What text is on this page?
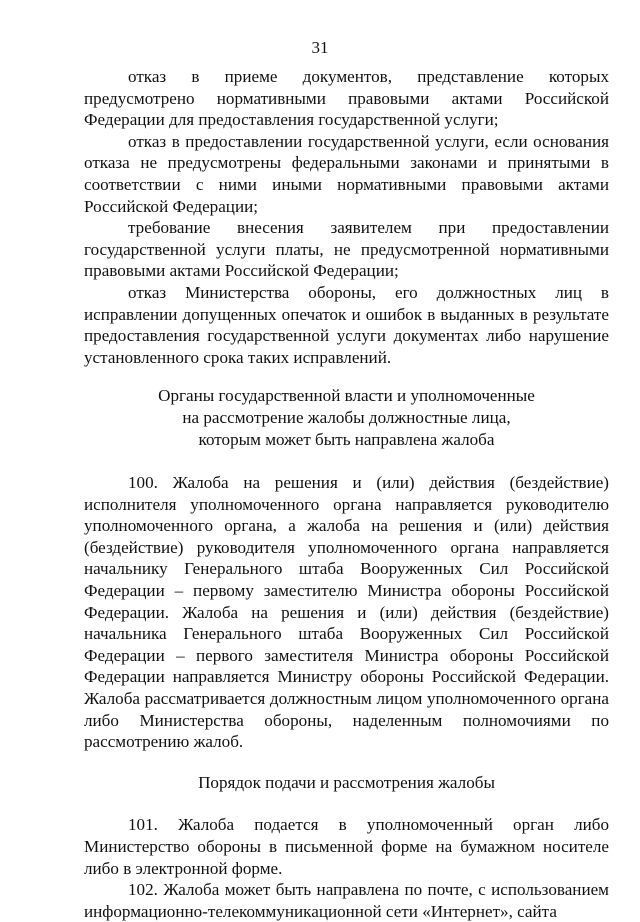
31

отказ в приеме документов, представление которых предусмотрено нормативными правовыми актами Российской Федерации для предоставления государственной услуги;

отказ в предоставлении государственной услуги, если основания отказа не предусмотрены федеральными законами и принятыми в соответствии с ними иными нормативными правовыми актами Российской Федерации;

требование внесения заявителем при предоставлении государственной услуги платы, не предусмотренной нормативными правовыми актами Российской Федерации;

отказ Министерства обороны, его должностных лиц в исправлении допущенных опечаток и ошибок в выданных в результате предоставления государственной услуги документах либо нарушение установленного срока таких исправлений.

Органы государственной власти и уполномоченные
на рассмотрение жалобы должностные лица,
которым может быть направлена жалоба

100. Жалоба на решения и (или) действия (бездействие) исполнителя уполномоченного органа направляется руководителю уполномоченного органа, а жалоба на решения и (или) действия (бездействие) руководителя уполномоченного органа направляется начальнику Генерального штаба Вооруженных Сил Российской Федерации – первому заместителю Министра обороны Российской Федерации. Жалоба на решения и (или) действия (бездействие) начальника Генерального штаба Вооруженных Сил Российской Федерации – первого заместителя Министра обороны Российской Федерации направляется Министру обороны Российской Федерации. Жалоба рассматривается должностным лицом уполномоченного органа либо Министерства обороны, наделенным полномочиями по рассмотрению жалоб.

Порядок подачи и рассмотрения жалобы

101. Жалоба подается в уполномоченный орган либо Министерство обороны в письменной форме на бумажном носителе либо в электронной форме.

102. Жалоба может быть направлена по почте, с использованием информационно-телекоммуникационной сети «Интернет», сайта
